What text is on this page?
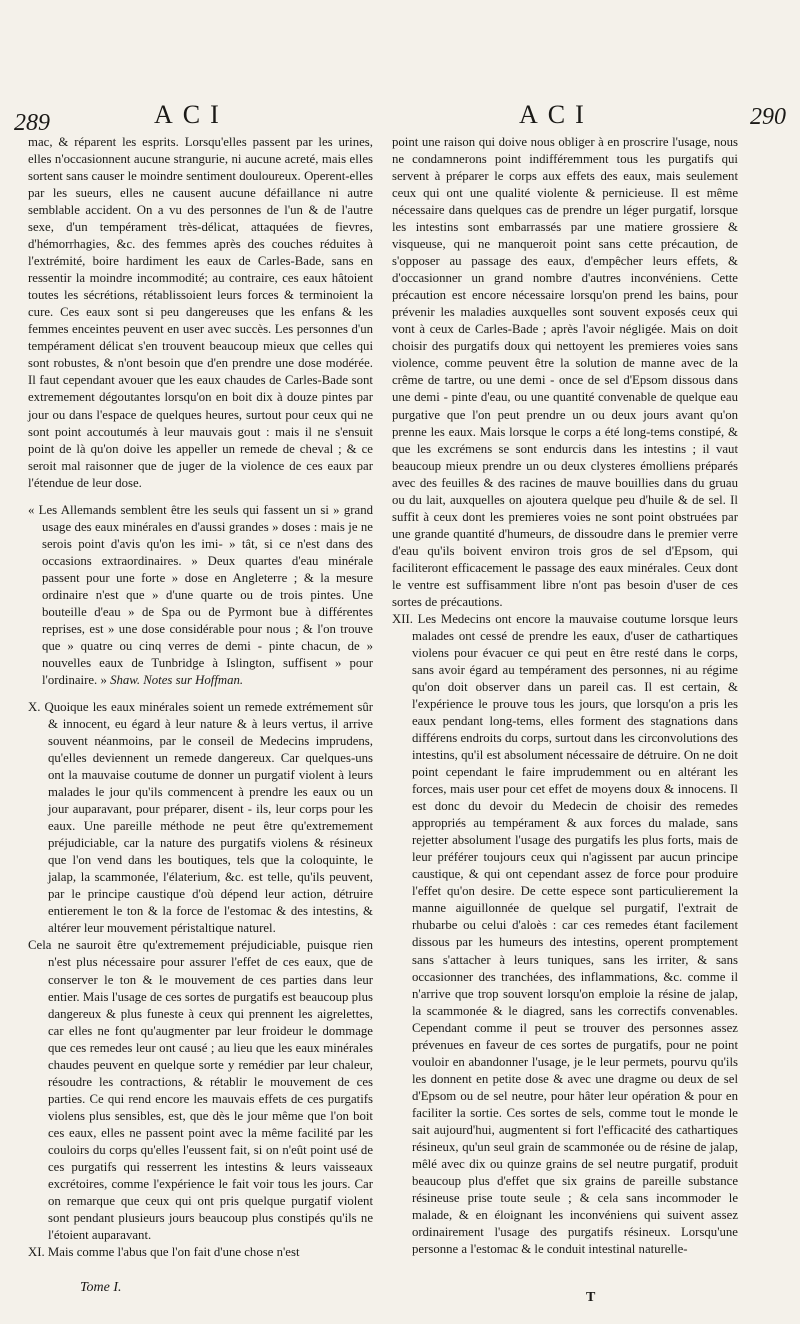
289	ACI	ACI	290

mac, & réparent les esprits. Lorsqu'elles passent par les urines, elles n'occasionnent aucune strangurie, ni aucune acreté, mais elles sortent sans causer le moindre sentiment douloureux. Operent-elles par les sueurs, elles ne causent aucune défaillance ni autre semblable accident. On a vu des personnes de l'un & de l'autre sexe, d'un tempérament très-délicat, attaquées de fievres, d'hémorrhagies, &c. des femmes après des couches réduites à l'extrémité, boire hardiment les eaux de Carles-Bade, sans en ressentir la moindre incommodité; au contraire, ces eaux hâtoient toutes les sécrétions, rétablissoient leurs forces & terminoient la cure. Ces eaux sont si peu dangereuses que les enfans & les femmes enceintes peuvent en user avec succès. Les personnes d'un tempérament délicat s'en trouvent beaucoup mieux que celles qui sont robustes, & n'ont besoin que d'en prendre une dose modérée. Il faut cependant avouer que les eaux chaudes de Carles-Bade sont extremement dégoutantes lorsqu'on en boit dix à douze pintes par jour ou dans l'espace de quelques heures, surtout pour ceux qui ne sont point accoutumés à leur mauvais gout : mais il ne s'ensuit point de là qu'on doive les appeller un remede de cheval ; & ce seroit mal raisonner que de juger de la violence de ces eaux par l'étendue de leur dose.

« Les Allemands semblent être les seuls qui fassent un si » grand usage des eaux minérales en d'aussi grandes » doses : mais je ne serois point d'avis qu'on les imi- » tât, si ce n'est dans des occasions extraordinaires. » Deux quartes d'eau minérale passent pour une forte » dose en Angleterre ; & la mesure ordinaire n'est que » d'une quarte ou de trois pintes. Une bouteille d'eau » de Spa ou de Pyrmont bue à différentes reprises, est » une dose considérable pour nous ; & l'on trouve que » quatre ou cinq verres de demi - pinte chacun, de » nouvelles eaux de Tunbridge à Islington, suffisent » pour l'ordinaire. » Shaw. Notes sur Hoffman.

X. Quoique les eaux minérales soient un remede extrémement sûr & innocent, eu égard à leur nature & à leurs vertus, il arrive souvent néanmoins, par le conseil de Medecins imprudens, qu'elles deviennent un remede dangereux. Car quelques-uns ont la mauvaise coutume de donner un purgatif violent à leurs malades le jour qu'ils commencent à prendre les eaux ou un jour auparavant, pour préparer, disent - ils, leur corps pour les eaux. Une pareille méthode ne peut être qu'extremement préjudiciable, car la nature des purgatifs violens & résineux que l'on vend dans les boutiques, tels que la coloquinte, le jalap, la scammonée, l'élaterium, &c. est telle, qu'ils peuvent, par le principe caustique d'où dépend leur action, détruire entierement le ton & la force de l'estomac & des intestins, & altérer leur mouvement péristaltique naturel.

Cela ne sauroit être qu'extremement préjudiciable, puisque rien n'est plus nécessaire pour assurer l'effet de ces eaux, que de conserver le ton & le mouvement de ces parties dans leur entier. Mais l'usage de ces sortes de purgatifs est beaucoup plus dangereux & plus funeste à ceux qui prennent les aigrelettes, car elles ne font qu'augmenter par leur froideur le dommage que ces remedes leur ont causé ; au lieu que les eaux minérales chaudes peuvent en quelque sorte y remédier par leur chaleur, résoudre les contractions, & rétablir le mouvement de ces parties. Ce qui rend encore les mauvais effets de ces purgatifs violens plus sensibles, est, que dès le jour même que l'on boit ces eaux, elles ne passent point avec la même facilité par les couloirs du corps qu'elles l'eussent fait, si on n'eût point usé de ces purgatifs qui resserrent les intestins & leurs vaisseaux excrétoires, comme l'expérience le fait voir tous les jours. Car on remarque que ceux qui ont pris quelque purgatif violent sont pendant plusieurs jours beaucoup plus constipés qu'ils ne l'étoient auparavant.

XI. Mais comme l'abus que l'on fait d'une chose n'est

point une raison qui doive nous obliger à en proscrire l'usage, nous ne condamnerons point indifféremment tous les purgatifs qui servent à préparer le corps aux effets des eaux, mais seulement ceux qui ont une qualité violente & pernicieuse. Il est même nécessaire dans quelques cas de prendre un léger purgatif, lorsque les intestins sont embarrassés par une matiere grossiere & visqueuse, qui ne manqueroit point sans cette précaution, de s'opposer au passage des eaux, d'empêcher leurs effets, & d'occasionner un grand nombre d'autres inconvéniens. Cette précaution est encore nécessaire lorsqu'on prend les bains, pour prévenir les maladies auxquelles sont souvent exposés ceux qui vont à ceux de Carles-Bade ; après l'avoir négligée. Mais on doit choisir des purgatifs doux qui nettoyent les premieres voies sans violence, comme peuvent être la solution de manne avec de la crême de tartre, ou une demi - once de sel d'Epsom dissous dans une demi - pinte d'eau, ou une quantité convenable de quelque eau purgative que l'on peut prendre un ou deux jours avant qu'on prenne les eaux. Mais lorsque le corps a été long-tems constipé, & que les excrémens se sont endurcis dans les intestins ; il vaut beaucoup mieux prendre un ou deux clysteres émolliens préparés avec des feuilles & des racines de mauve bouillies dans du gruau ou du lait, auxquelles on ajoutera quelque peu d'huile & de sel. Il suffit à ceux dont les premieres voies ne sont point obstruées par une grande quantité d'humeurs, de dissoudre dans le premier verre d'eau qu'ils boivent environ trois gros de sel d'Epsom, qui faciliteront efficacement le passage des eaux minérales. Ceux dont le ventre est suffisamment libre n'ont pas besoin d'user de ces sortes de précautions.

XII. Les Medecins ont encore la mauvaise coutume lorsque leurs malades ont cessé de prendre les eaux, d'user de cathartiques violens pour évacuer ce qui peut en être resté dans le corps, sans avoir égard au tempérament des personnes, ni au régime qu'on doit observer dans un pareil cas. Il est certain, & l'expérience le prouve tous les jours, que lorsqu'on a pris les eaux pendant long-tems, elles forment des stagnations dans différens endroits du corps, surtout dans les circonvolutions des intestins, qu'il est absolument nécessaire de détruire. On ne doit point cependant le faire imprudemment ou en altérant les forces, mais user pour cet effet de moyens doux & innocens. Il est donc du devoir du Medecin de choisir des remedes appropriés au tempérament & aux forces du malade, sans rejetter absolument l'usage des purgatifs les plus forts, mais de leur préférer toujours ceux qui n'agissent par aucun principe caustique, & qui ont cependant assez de force pour produire l'effet qu'on desire. De cette espece sont particulierement la manne aiguillonnée de quelque sel purgatif, l'extrait de rhubarbe ou celui d'aloès : car ces remedes étant facilement dissous par les humeurs des intestins, operent promptement sans s'attacher à leurs tuniques, sans les irriter, & sans occasionner des tranchées, des inflammations, &c. comme il n'arrive que trop souvent lorsqu'on emploie la résine de jalap, la scammonée & le diagred, sans les correctifs convenables. Cependant comme il peut se trouver des personnes assez prévenues en faveur de ces sortes de purgatifs, pour ne point vouloir en abandonner l'usage, je le leur permets, pourvu qu'ils les donnent en petite dose & avec une dragme ou deux de sel d'Epsom ou de sel neutre, pour hâter leur opération & pour en faciliter la sortie. Ces sortes de sels, comme tout le monde le sait aujourd'hui, augmentent si fort l'efficacité des cathartiques résineux, qu'un seul grain de scammonée ou de résine de jalap, mêlé avec dix ou quinze grains de sel neutre purgatif, produit beaucoup plus d'effet que six grains de pareille substance résineuse prise toute seule ; & cela sans incommoder le malade, & en éloignant les inconvéniens qui suivent assez ordinairement l'usage des purgatifs résineux. Lorsqu'une personne a l'estomac & le conduit intestinal naturelle-

Tome I.
T
